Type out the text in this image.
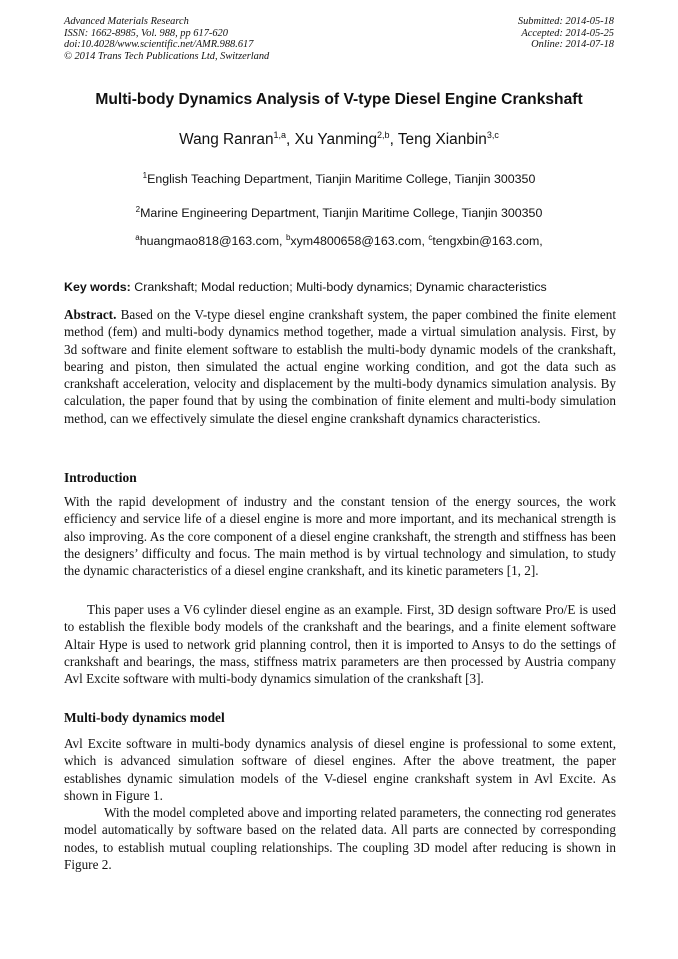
Advanced Materials Research
ISSN: 1662-8985, Vol. 988, pp 617-620
doi:10.4028/www.scientific.net/AMR.988.617
© 2014 Trans Tech Publications Ltd, Switzerland
Submitted: 2014-05-18
Accepted: 2014-05-25
Online: 2014-07-18
Multi-body Dynamics Analysis of V-type Diesel Engine Crankshaft
Wang Ranran$^{1,a}$, Xu Yanming$^{2,b}$, Teng Xianbin$^{3,c}$
$^1$English Teaching Department, Tianjin Maritime College, Tianjin 300350
$^2$Marine Engineering Department, Tianjin Maritime College, Tianjin 300350
$^a$huangmao818@163.com, $^b$xym4800658@163.com, $^c$tengxbin@163.com,
Key words: Crankshaft; Modal reduction; Multi-body dynamics; Dynamic characteristics
Abstract. Based on the V-type diesel engine crankshaft system, the paper combined the finite element method (fem) and multi-body dynamics method together, made a virtual simulation analysis. First, by 3d software and finite element software to establish the multi-body dynamic models of the crankshaft, bearing and piston, then simulated the actual engine working condition, and got the data such as crankshaft acceleration, velocity and displacement by the multi-body dynamics simulation analysis. By calculation, the paper found that by using the combination of finite element and multi-body simulation method, can we effectively simulate the diesel engine crankshaft dynamics characteristics.
Introduction
With the rapid development of industry and the constant tension of the energy sources, the work efficiency and service life of a diesel engine is more and more important, and its mechanical strength is also improving. As the core component of a diesel engine crankshaft, the strength and stiffness has been the designers’ difficulty and focus. The main method is by virtual technology and simulation, to study the dynamic characteristics of a diesel engine crankshaft, and its kinetic parameters [1, 2].
This paper uses a V6 cylinder diesel engine as an example. First, 3D design software Pro/E is used to establish the flexible body models of the crankshaft and the bearings, and a finite element software Altair Hype is used to network grid planning control, then it is imported to Ansys to do the settings of crankshaft and bearings, the mass, stiffness matrix parameters are then processed by Austria company Avl Excite software with multi-body dynamics simulation of the crankshaft [3].
Multi-body dynamics model
Avl Excite software in multi-body dynamics analysis of diesel engine is professional to some extent, which is advanced simulation software of diesel engines. After the above treatment, the paper establishes dynamic simulation models of the V-diesel engine crankshaft system in Avl Excite. As shown in Figure 1.
With the model completed above and importing related parameters, the connecting rod generates model automatically by software based on the related data. All parts are connected by corresponding nodes, to establish mutual coupling relationships. The coupling 3D model after reducing is shown in Figure 2.
